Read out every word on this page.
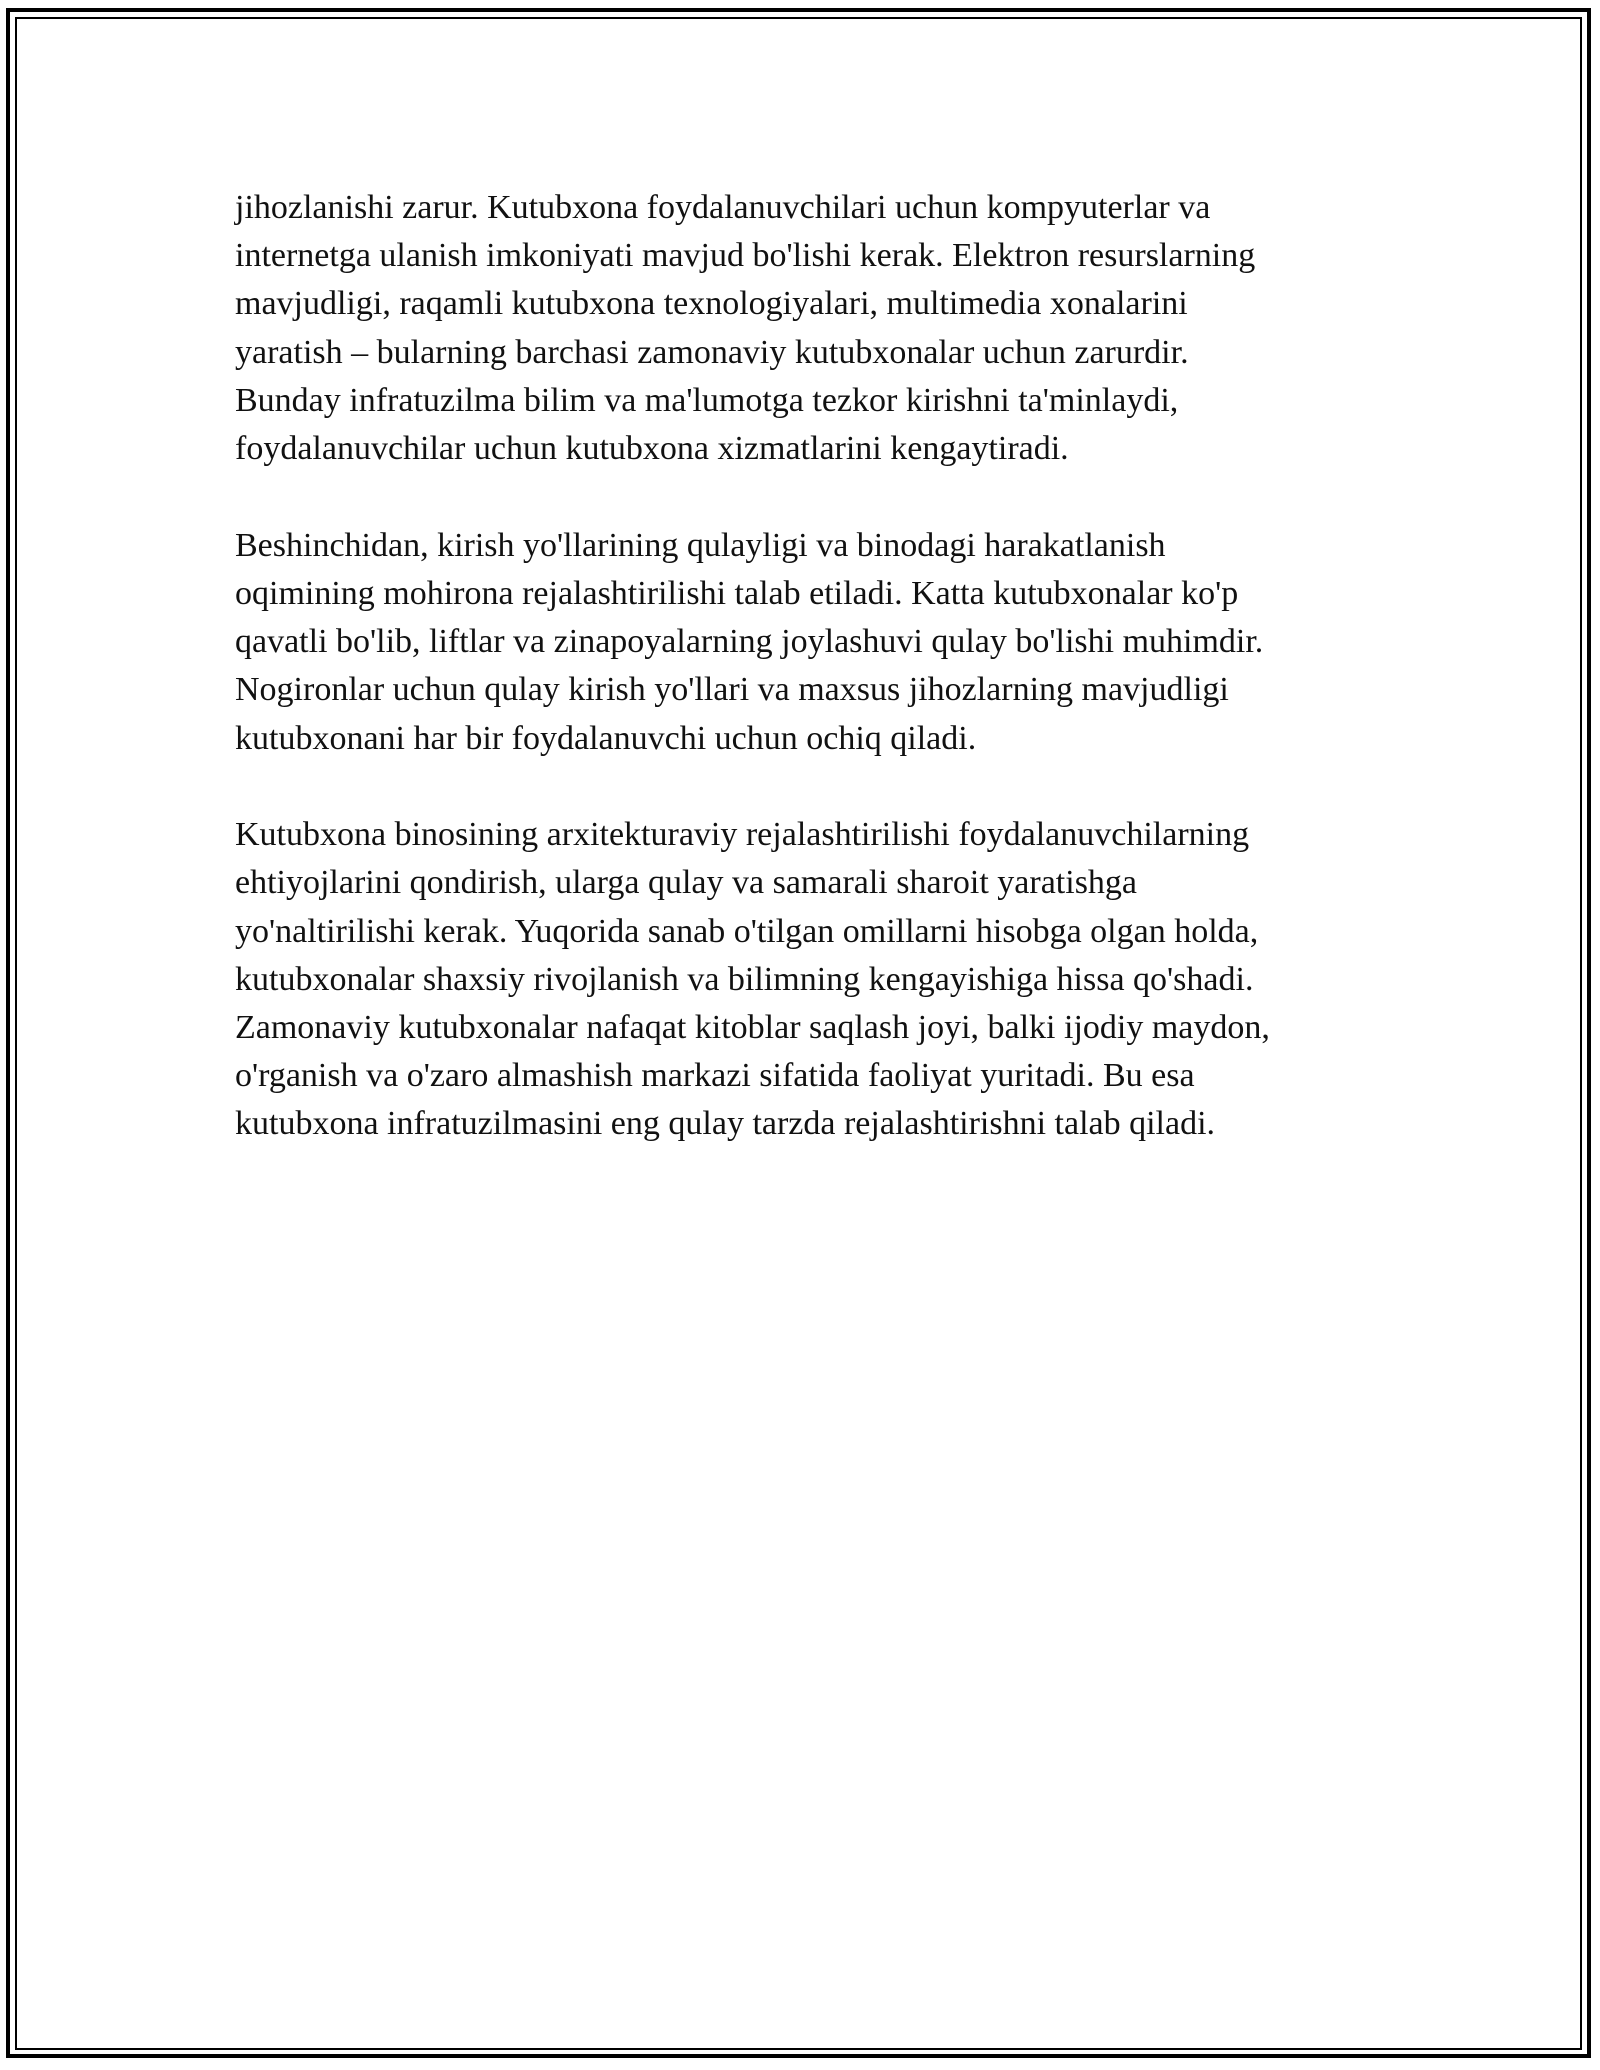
jihozlanishi zarur. Kutubxona foydalanuvchilari uchun kompyuterlar va
internetga ulanish imkoniyati mavjud bo'lishi kerak. Elektron resurslarning
mavjudligi, raqamli kutubxona texnologiyalari, multimedia xonalarini
yaratish – bularning barchasi zamonaviy kutubxonalar uchun zarurdir.
Bunday infratuzilma bilim va ma'lumotga tezkor kirishni ta'minlaydi,
foydalanuvchilar uchun kutubxona xizmatlarini kengaytiradi.

Beshinchidan, kirish yo'llarining qulayligi va binodagi harakatlanish
oqimining mohirona rejalashtirilishi talab etiladi. Katta kutubxonalar ko'p
qavatli bo'lib, liftlar va zinapoyalarning joylashuvi qulay bo'lishi muhimdir.
Nogironlar uchun qulay kirish yo'llari va maxsus jihozlarning mavjudligi
kutubxonani har bir foydalanuvchi uchun ochiq qiladi.

Kutubxona binosining arxitekturaviy rejalashtirilishi foydalanuvchilarning
ehtiyojlarini qondirish, ularga qulay va samarali sharoit yaratishga
yo'naltirilishi kerak. Yuqorida sanab o'tilgan omillarni hisobga olgan holda,
kutubxonalar shaxsiy rivojlanish va bilimning kengayishiga hissa qo'shadi.
Zamonaviy kutubxonalar nafaqat kitoblar saqlash joyi, balki ijodiy maydon,
o'rganish va o'zaro almashish markazi sifatida faoliyat yuritadi. Bu esa
kutubxona infratuzilmasini eng qulay tarzda rejalashtirishni talab qiladi.
